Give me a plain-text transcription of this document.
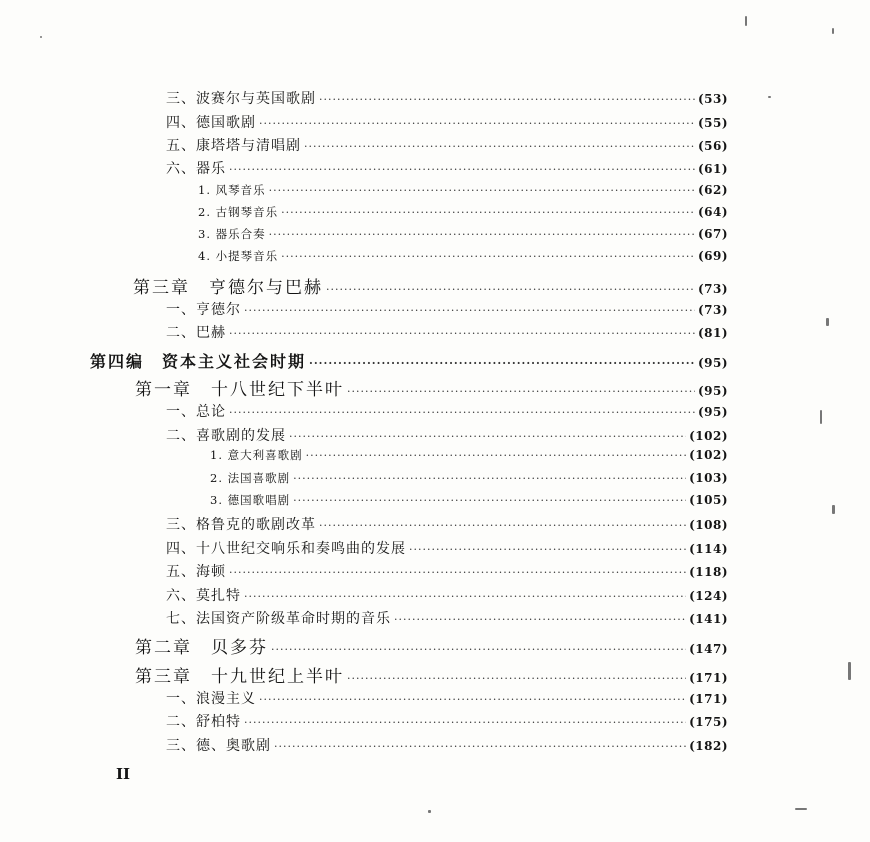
三、波赛尔与英国歌剧 ·····	(53)
四、德国歌剧 ·····	(55)
五、康塔塔与清唱剧 ·····	(56)
六、器乐 ·····	(61)
1. 风琴音乐 ·····	(62)
2. 古钢琴音乐 ·····	(64)
3. 器乐合奏 ·····	(67)
4. 小提琴音乐 ·····	(69)
第三章　亨德尔与巴赫 ·····	(73)
一、亨德尔 ·····	(73)
二、巴赫 ·····	(81)
第四编　资本主义社会时期 ·····	(95)
第一章　十八世纪下半叶 ·····	(95)
一、总论 ·····	(95)
二、喜歌剧的发展 ·····	(102)
1. 意大利喜歌剧 ·····	(102)
2. 法国喜歌剧 ·····	(103)
3. 德国歌唱剧 ·····	(105)
三、格鲁克的歌剧改革 ·····	(108)
四、十八世纪交响乐和奏鸣曲的发展 ·····	(114)
五、海顿 ·····	(118)
六、莫扎特 ·····	(124)
七、法国资产阶级革命时期的音乐 ·····	(141)
第二章　贝多芬 ·····	(147)
第三章　十九世纪上半叶 ·····	(171)
一、浪漫主义 ·····	(171)
二、舒柏特 ·····	(175)
三、德、奥歌剧 ·····	(182)
II
